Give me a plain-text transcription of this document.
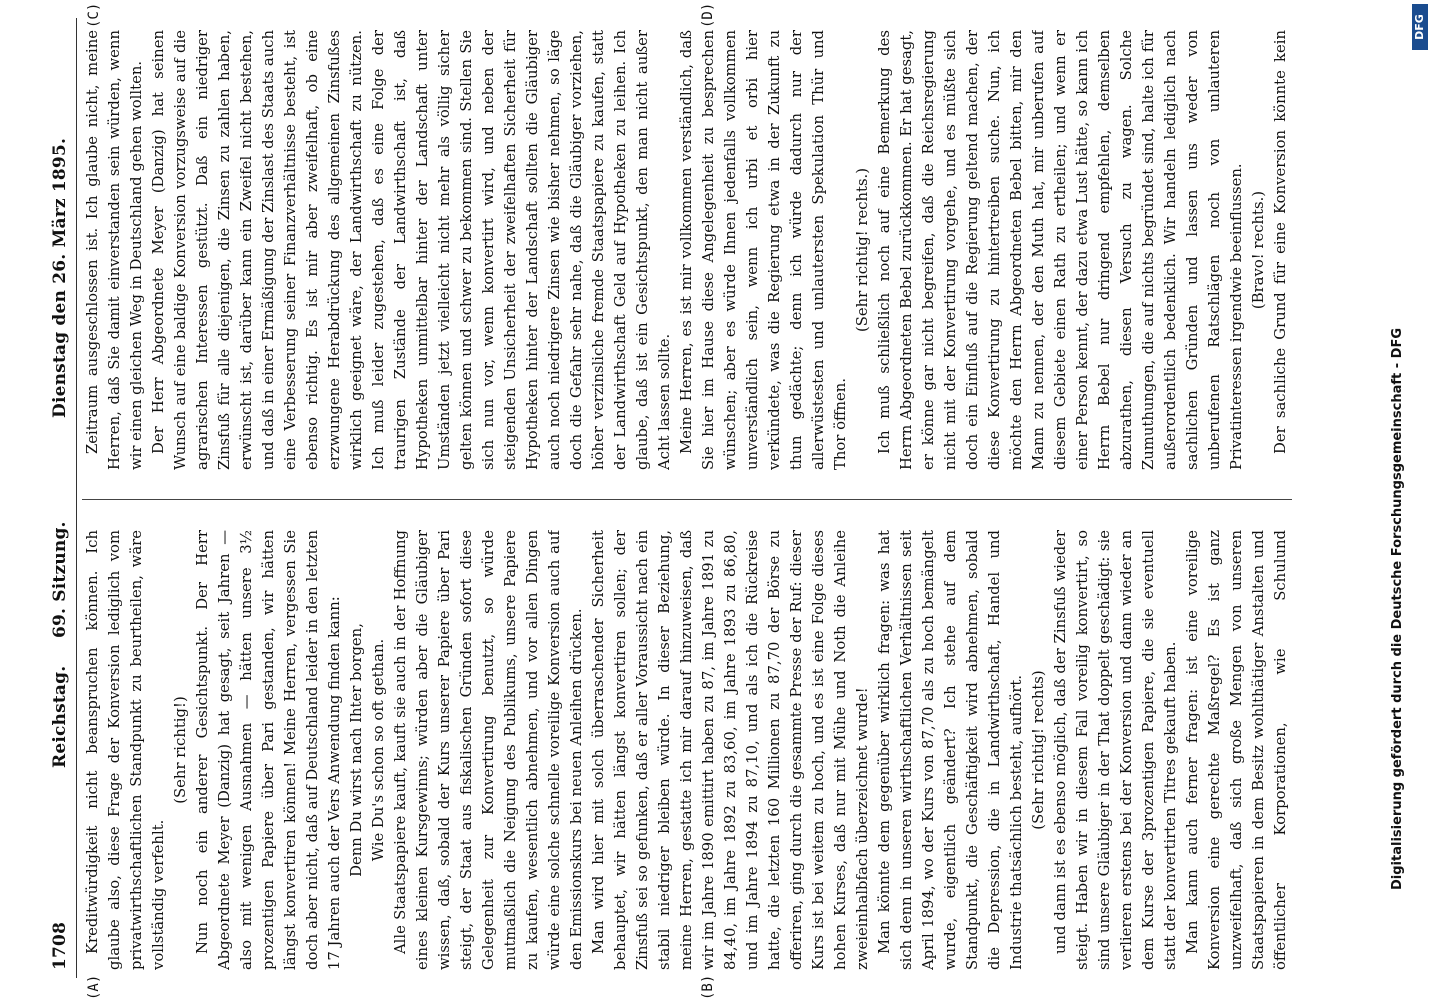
1708
Reichstag.
69. Sitzung.
Dienstag den 26. März 1895.
(A)	(B)
(C)	(D)

Kreditwürdigkeit nicht beanspruchen können. Ich glaube also, diese Frage der Konversion lediglich vom privatwirthschaftlichen Standpunkt zu beurtheilen, wäre vollständig verfehlt.

(Sehr richtig!) Nun noch ein anderer Gesichtspunkt. Der Herr Abgeordnete Meyer (Danzig) hat gesagt, seit Jahren — also mit wenigen Ausnahmen — hätten unsere 3½ prozentigen Papiere über Pari gestanden, wir hätten längst konvertiren können! Meine Herren, vergessen Sie doch aber nicht, daß auf Deutschland leider in den letzten 17 Jahren auch der Vers Anwendung finden kann: Denn Du wirst nach Ihter borgen, Wie Du's schon so oft gethan. Alle Staatspapiere kauft, kauft sie auch in der Hoffnung eines kleinen Kursgewinns; würden aber die Gläubiger wissen, daß, sobald der Kurs unserer Papiere über Pari steigt, der Staat aus fiskalischen Gründen sofort diese Gelegenheit zur Konvertirung benutzt, so würde mutmaßlich die Neigung des Publikums, unsere Papiere zu kaufen, wesentlich abnehmen, und vor allen Dingen würde eine solche schnelle voreilige Konversion auch auf den Emissionskurs bei neuen Anleihen drücken. Man wird hier mit solch überraschender Sicherheit behauptet, wir hätten längst konvertiren sollen; der Zinsfuß sei so gefunken, daß er aller Voraussicht nach ein stabil niedriger bleiben würde. In dieser Beziehung, meine Herren, gestatte ich mir darauf hinzuweisen, daß wir im Jahre 1890 emittirt haben zu 87, im Jahre 1891 zu 84,40, im Jahre 1892 zu 83,60, im Jahre 1893 zu 86,80, und im Jahre 1894 zu 87,10, und als ich die Rückreise hatte, die letzten 160 Millionen zu 87,70 der Börse zu offeriren, ging durch die gesammte Presse der Ruf: dieser Kurs ist bei weitem zu hoch, und es ist eine Folge dieses hohen Kurses, daß nur mit Mühe und Noth die Anleihe zweieinhalbfach überzeichnet wurde! Man könnte dem gegenüber wirklich fragen: was hat sich denn in unseren wirthschaftlichen Verhältnissen seit April 1894, wo der Kurs von 87,70 als zu hoch bemängelt wurde, eigentlich geändert? Ich stehe auf dem Standpunkt, die Geschäftigkeit wird abnehmen, sobald die Depression, die in Landwirthschaft, Handel und Industrie thatsächlich besteht, aufhört. (Sehr richtig! rechts) und dann ist es ebenso möglich, daß der Zinsfuß wieder steigt. Haben wir in diesem Fall voreilig konvertirt, so sind unsere Gläubiger in der That doppelt geschädigt: sie verlieren erstens bei der Konversion und dann wieder an dem Kurse der 3prozentigen Papiere, die sie eventuell statt der konvertirten Titres gekauft haben. Man kann auch ferner fragen: ist eine voreilige Konversion eine gerechte Maßregel? Es ist ganz unzweifelhaft, daß sich große Mengen von unseren Staatspapieren in dem Besitz wohlthätiger Anstalten und öffentlicher Korporationen, wie Schulund

Zeitraum ausgeschlossen ist. Ich glaube nicht, meine Herren, daß Sie damit einverstanden sein würden, wenn wir einen gleichen Weg in Deutschland gehen wollten. Der Herr Abgeordnete Meyer (Danzig) hat seinen Wunsch auf eine baldige Konversion vorzugsweise auf die agrarischen Interessen gestützt. Daß ein niedriger Zinsfuß für alle diejenigen, die Zinsen zu zahlen haben, erwünscht ist, darüber kann ein Zweifel nicht bestehen, und daß in einer Ermäßigung der Zinslast des Staats auch eine Verbesserung seiner Finanzverhältnisse besteht, ist ebenso richtig. Es ist mir aber zweifelhaft, ob eine erzwungene Herabdrückung des allgemeinen Zinsfußes wirklich geeignet wäre, der Landwirthschaft zu nützen. Ich muß leider zugestehen, daß es eine Folge der traurigen Zustände der Landwirthschaft ist, daß Hypotheken unmittelbar hinter der Landschaft unter Umständen jetzt vielleicht nicht mehr als völlig sicher gelten können und schwer zu bekommen sind. Stellen Sie sich nun vor, wenn konvertirt wird, und neben der steigenden Unsicherheit der zweifelhaften Sicherheit für Hypotheken hinter der Landschaft sollten die Gläubiger auch noch niedrigere Zinsen wie bisher nehmen, so läge doch die Gefahr sehr nahe, daß die Gläubiger vorziehen, höher verzinsliche fremde Staatspapiere zu kaufen, statt der Landwirthschaft Geld auf Hypotheken zu leihen. Ich glaube, daß ist ein Gesichtspunkt, den man nicht außer Acht lassen sollte. Meine Herren, es ist mir vollkommen verständlich, daß Sie hier im Hause diese Angelegenheit zu besprechen wünschen; aber es würde Ihnen jedenfalls vollkommen unverständlich sein, wenn ich urbi et orbi hier verkündete, was die Regierung etwa in der Zukunft zu thun gedächte; denn ich würde dadurch nur der allerwüstesten und unlautersten Spekulation Thür und Thor öffnen.

(Sehr richtig! rechts.) Ich muß schließlich noch auf eine Bemerkung des Herrn Abgeordneten Bebel zurückkommen. Er hat gesagt, er könne gar nicht begreifen, daß die Reichsregierung nicht mit der Konvertirung vorgehe, und es müßte sich doch ein Einfluß auf die Regierung geltend machen, der diese Konvertirung zu hintertreiben suche. Nun, ich möchte den Herrn Abgeordneten Bebel bitten, mir den Mann zu nennen, der den Muth hat, mir unberufen auf diesem Gebiete einen Rath zu ertheilen; und wenn er einer Person kennt, der dazu etwa Lust hätte, so kann ich Herrn Bebel nur dringend empfehlen, demselben abzurathen, diesen Versuch zu wagen. Solche Zumuthungen, die auf nichts begründet sind, halte ich für außerordentlich bedenklich. Wir handeln lediglich nach sachlichen Gründen und lassen uns weder von unberufenen Ratschlägen noch von unlauteren Privatinteressen irgendwie beeinflussen. (Bravo! rechts.)

Der sachliche Grund für eine Konversion könnte kein

Digitalisierung gefördert durch die Deutsche Forschungsgemeinschaft - DFG
DFG
